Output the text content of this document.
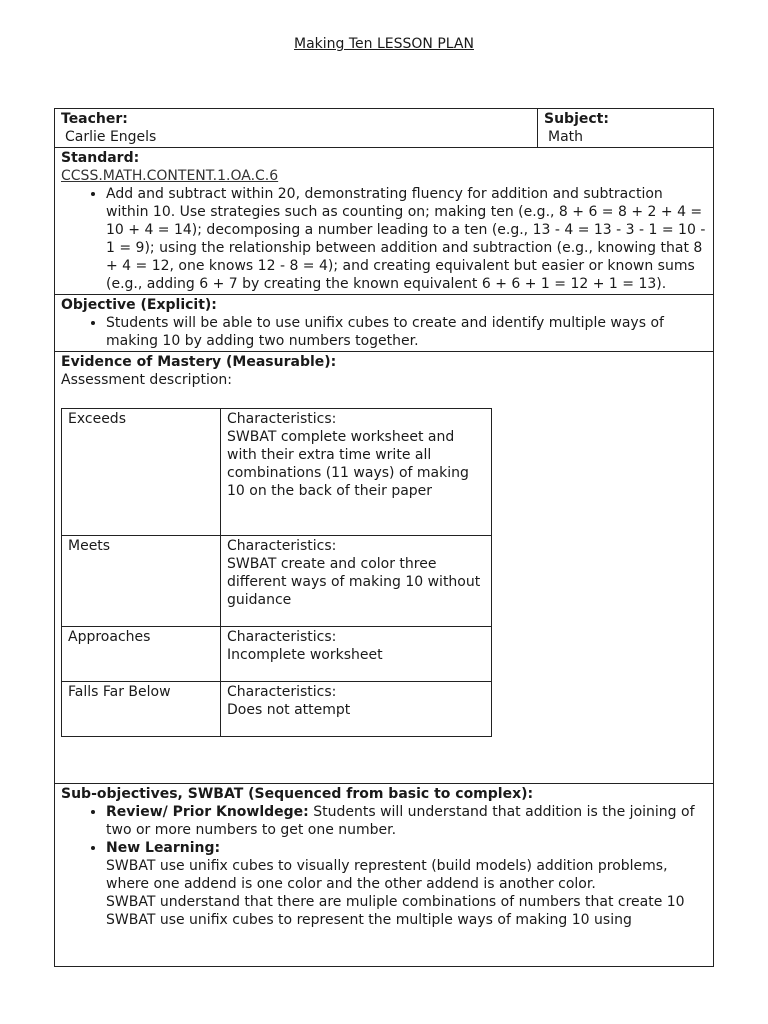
Making Ten LESSON PLAN
Teacher:
Carlie Engels

Subject:
Math

Standard:
CCSS.MATH.CONTENT.1.OA.C.6
• Add and subtract within 20, demonstrating fluency for addition and subtraction within 10. Use strategies such as counting on; making ten (e.g., 8 + 6 = 8 + 2 + 4 = 10 + 4 = 14); decomposing a number leading to a ten (e.g., 13 - 4 = 13 - 3 - 1 = 10 - 1 = 9); using the relationship between addition and subtraction (e.g., knowing that 8 + 4 = 12, one knows 12 - 8 = 4); and creating equivalent but easier or known sums (e.g., adding 6 + 7 by creating the known equivalent 6 + 6 + 1 = 12 + 1 = 13).

Objective (Explicit):
• Students will be able to use unifix cubes to create and identify multiple ways of making 10 by adding two numbers together.

Evidence of Mastery (Measurable):
Assessment description:
Exceeds	Characteristics:
SWBAT complete worksheet and with their extra time write all combinations (11 ways) of making 10 on the back of their paper

Meets	Characteristics:
SWBAT create and color three different ways of making 10 without guidance

Approaches	Characteristics:
Incomplete worksheet

Falls Far Below	Characteristics:
Does not attempt

Sub-objectives, SWBAT (Sequenced from basic to complex):
• Review/ Prior Knowldege: Students will understand that addition is the joining of two or more numbers to get one number.
• New Learning:
SWBAT use unifix cubes to visually represtent (build models) addition problems, where one addend is one color and the other addend is another color.
SWBAT understand that there are muliple combinations of numbers that create 10
SWBAT use unifix cubes to represent the multiple ways of making 10 using
